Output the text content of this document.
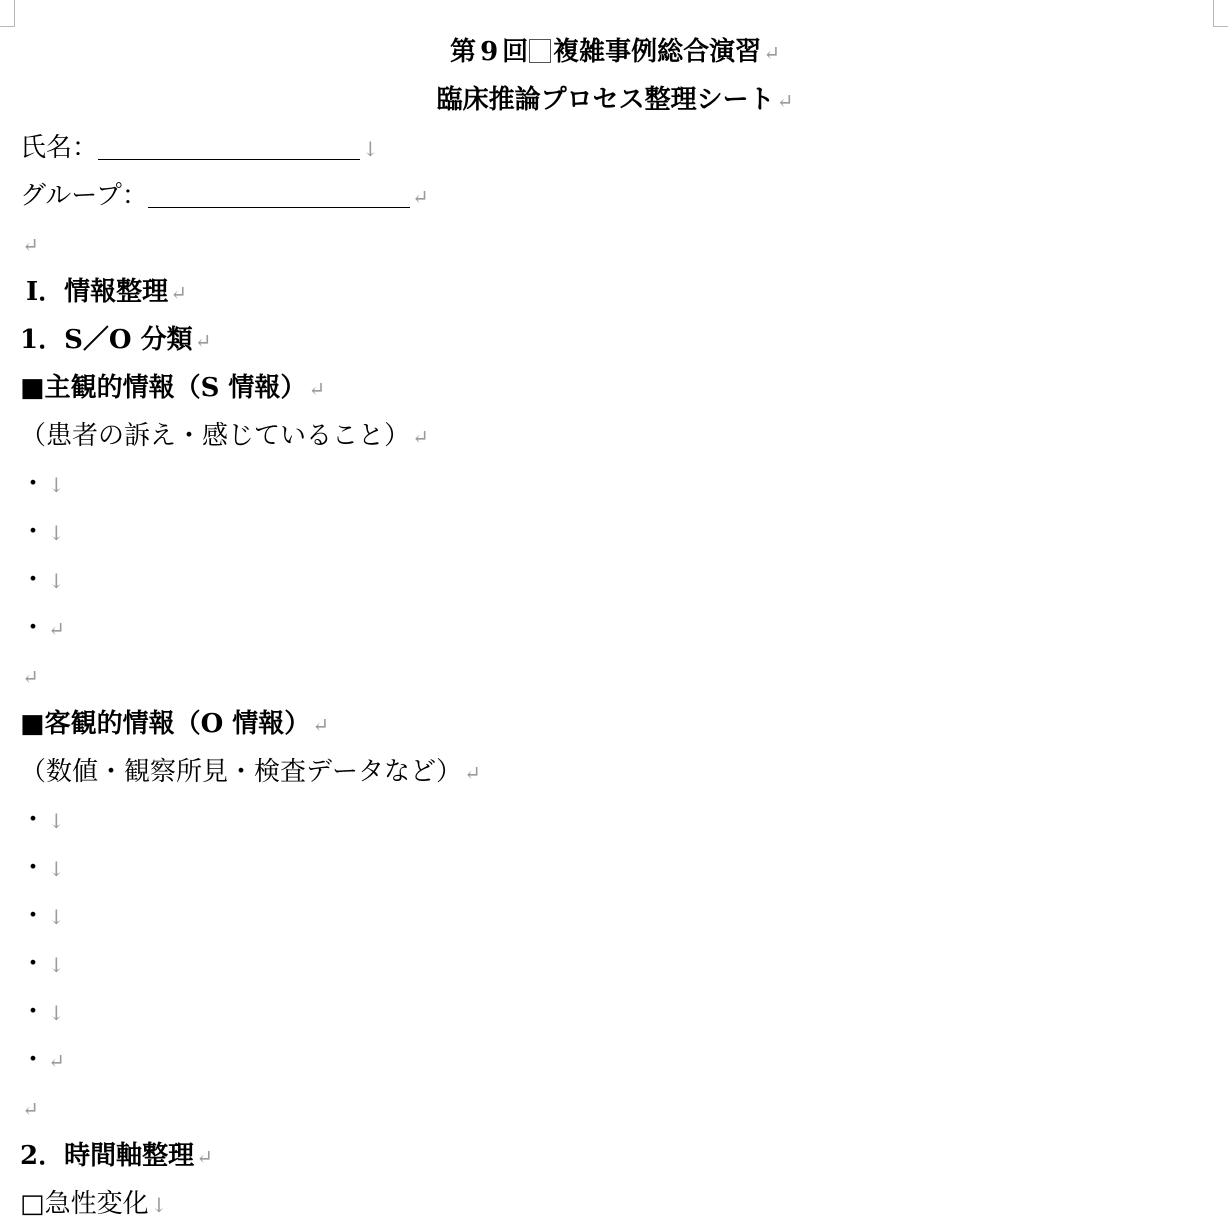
第 9 回 複雑事例総合演習 ↵
臨床推論プロセス整理シート ↵
氏名：	↓
グループ：	↵
↵
Ⅰ．情報整理 ↵
1．S／O 分類 ↵
■主観的情報（S 情報） ↵
（患者の訴え・感じていること） ↵
・ ↓
・ ↓
・ ↓
・ ↵
↵
■客観的情報（O 情報） ↵
（数値・観察所見・検査データなど） ↵
・ ↓
・ ↓
・ ↓
・ ↓
・ ↓
・ ↵
↵
2．時間軸整理 ↵
□急性変化 ↓
